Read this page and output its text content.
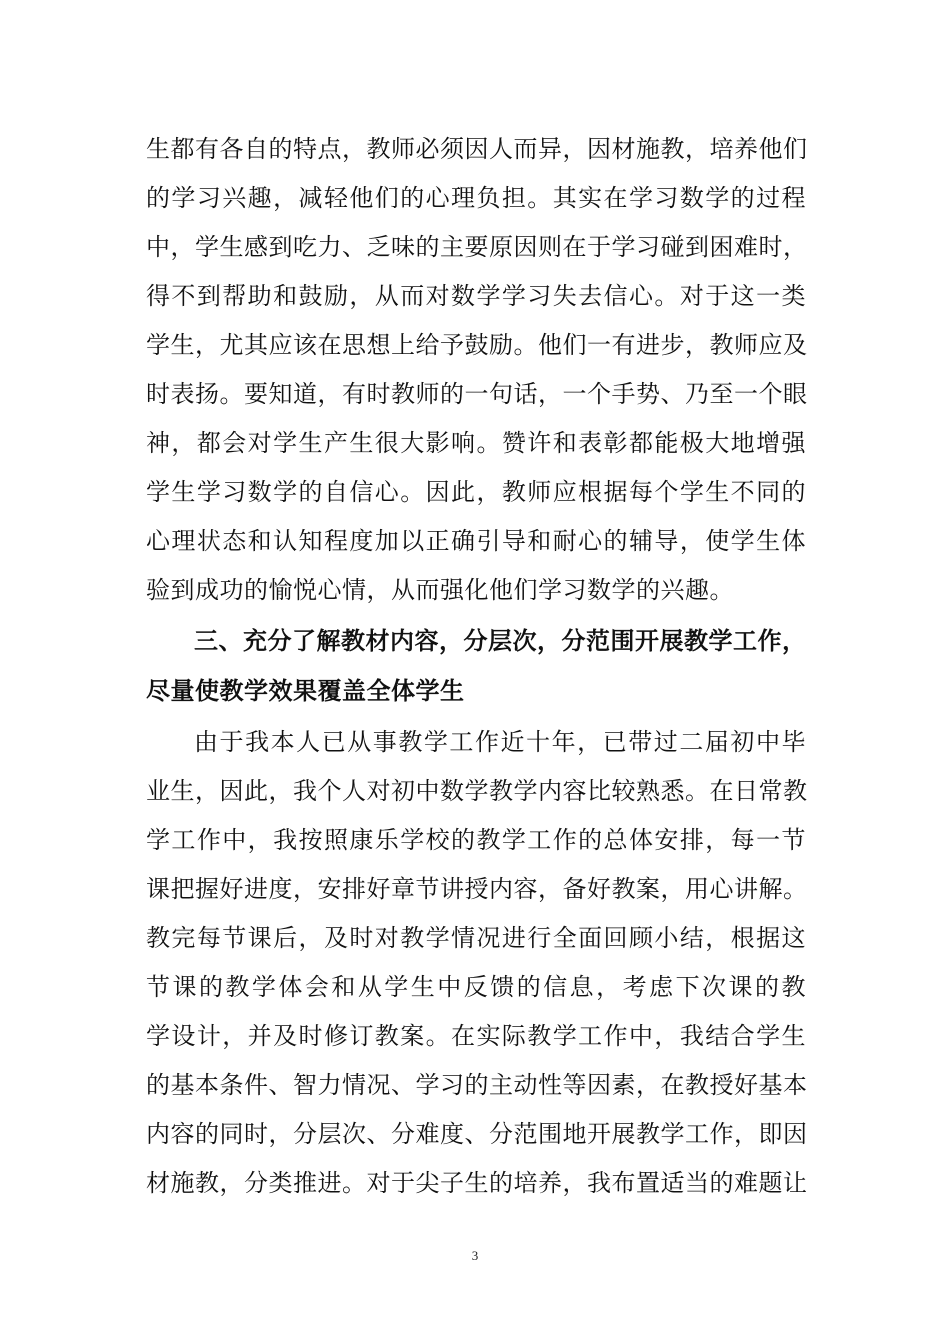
生都有各自的特点，教师必须因人而异，因材施教，培养他们
的学习兴趣，减轻他们的心理负担。其实在学习数学的过程
中，学生感到吃力、乏味的主要原因则在于学习碰到困难时，
得不到帮助和鼓励，从而对数学学习失去信心。对于这一类
学生，尤其应该在思想上给予鼓励。他们一有进步，教师应及
时表扬。要知道，有时教师的一句话，一个手势、乃至一个眼
神，都会对学生产生很大影响。赞许和表彰都能极大地增强
学生学习数学的自信心。因此，教师应根据每个学生不同的
心理状态和认知程度加以正确引导和耐心的辅导，使学生体
验到成功的愉悦心情，从而强化他们学习数学的兴趣。
三、充分了解教材内容，分层次，分范围开展教学工作，
尽量使教学效果覆盖全体学生
由于我本人已从事教学工作近十年，已带过二届初中毕
业生，因此，我个人对初中数学教学内容比较熟悉。在日常教
学工作中，我按照康乐学校的教学工作的总体安排，每一节
课把握好进度，安排好章节讲授内容，备好教案，用心讲解。
教完每节课后，及时对教学情况进行全面回顾小结，根据这
节课的教学体会和从学生中反馈的信息，考虑下次课的教
学设计，并及时修订教案。在实际教学工作中，我结合学生
的基本条件、智力情况、学习的主动性等因素，在教授好基本
内容的同时，分层次、分难度、分范围地开展教学工作，即因
材施教，分类推进。对于尖子生的培养，我布置适当的难题让
3
